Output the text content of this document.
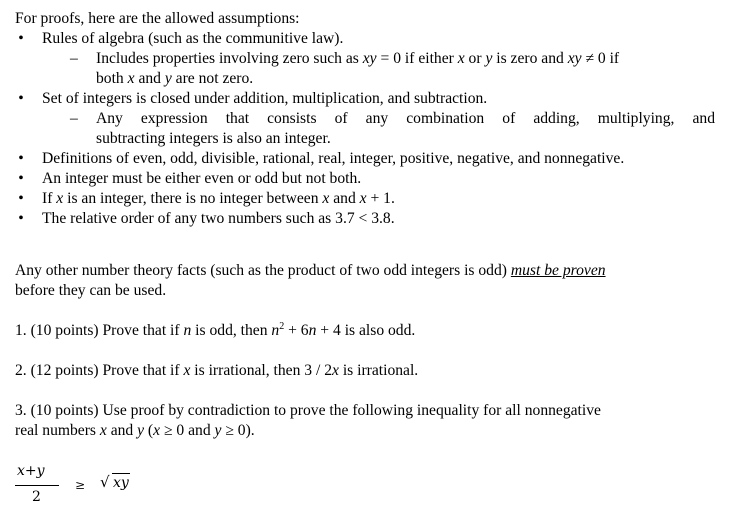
For proofs, here are the allowed assumptions:
• Rules of algebra (such as the communitive law).
– Includes properties involving zero such as xy = 0 if either x or y is zero and xy ≠ 0 if
both x and y are not zero.
• Set of integers is closed under addition, multiplication, and subtraction.
– Any expression that consists of any combination of adding, multiplying, and
subtracting integers is also an integer.
• Definitions of even, odd, divisible, rational, real, integer, positive, negative, and nonnegative.
• An integer must be either even or odd but not both.
• If x is an integer, there is no integer between x and x + 1.
• The relative order of any two numbers such as 3.7 < 3.8.
Any other number theory facts (such as the product of two odd integers is odd) must be proven
before they can be used.
1. (10 points) Prove that if n is odd, then $n^2 + 6n + 4$ is also odd.
2. (12 points) Prove that if x is irrational, then 3 / 2x is irrational.
3. (10 points) Use proof by contradiction to prove the following inequality for all nonnegative
real numbers x and y (x ≥ 0 and y ≥ 0).
x+y
2
≥ √ xy
